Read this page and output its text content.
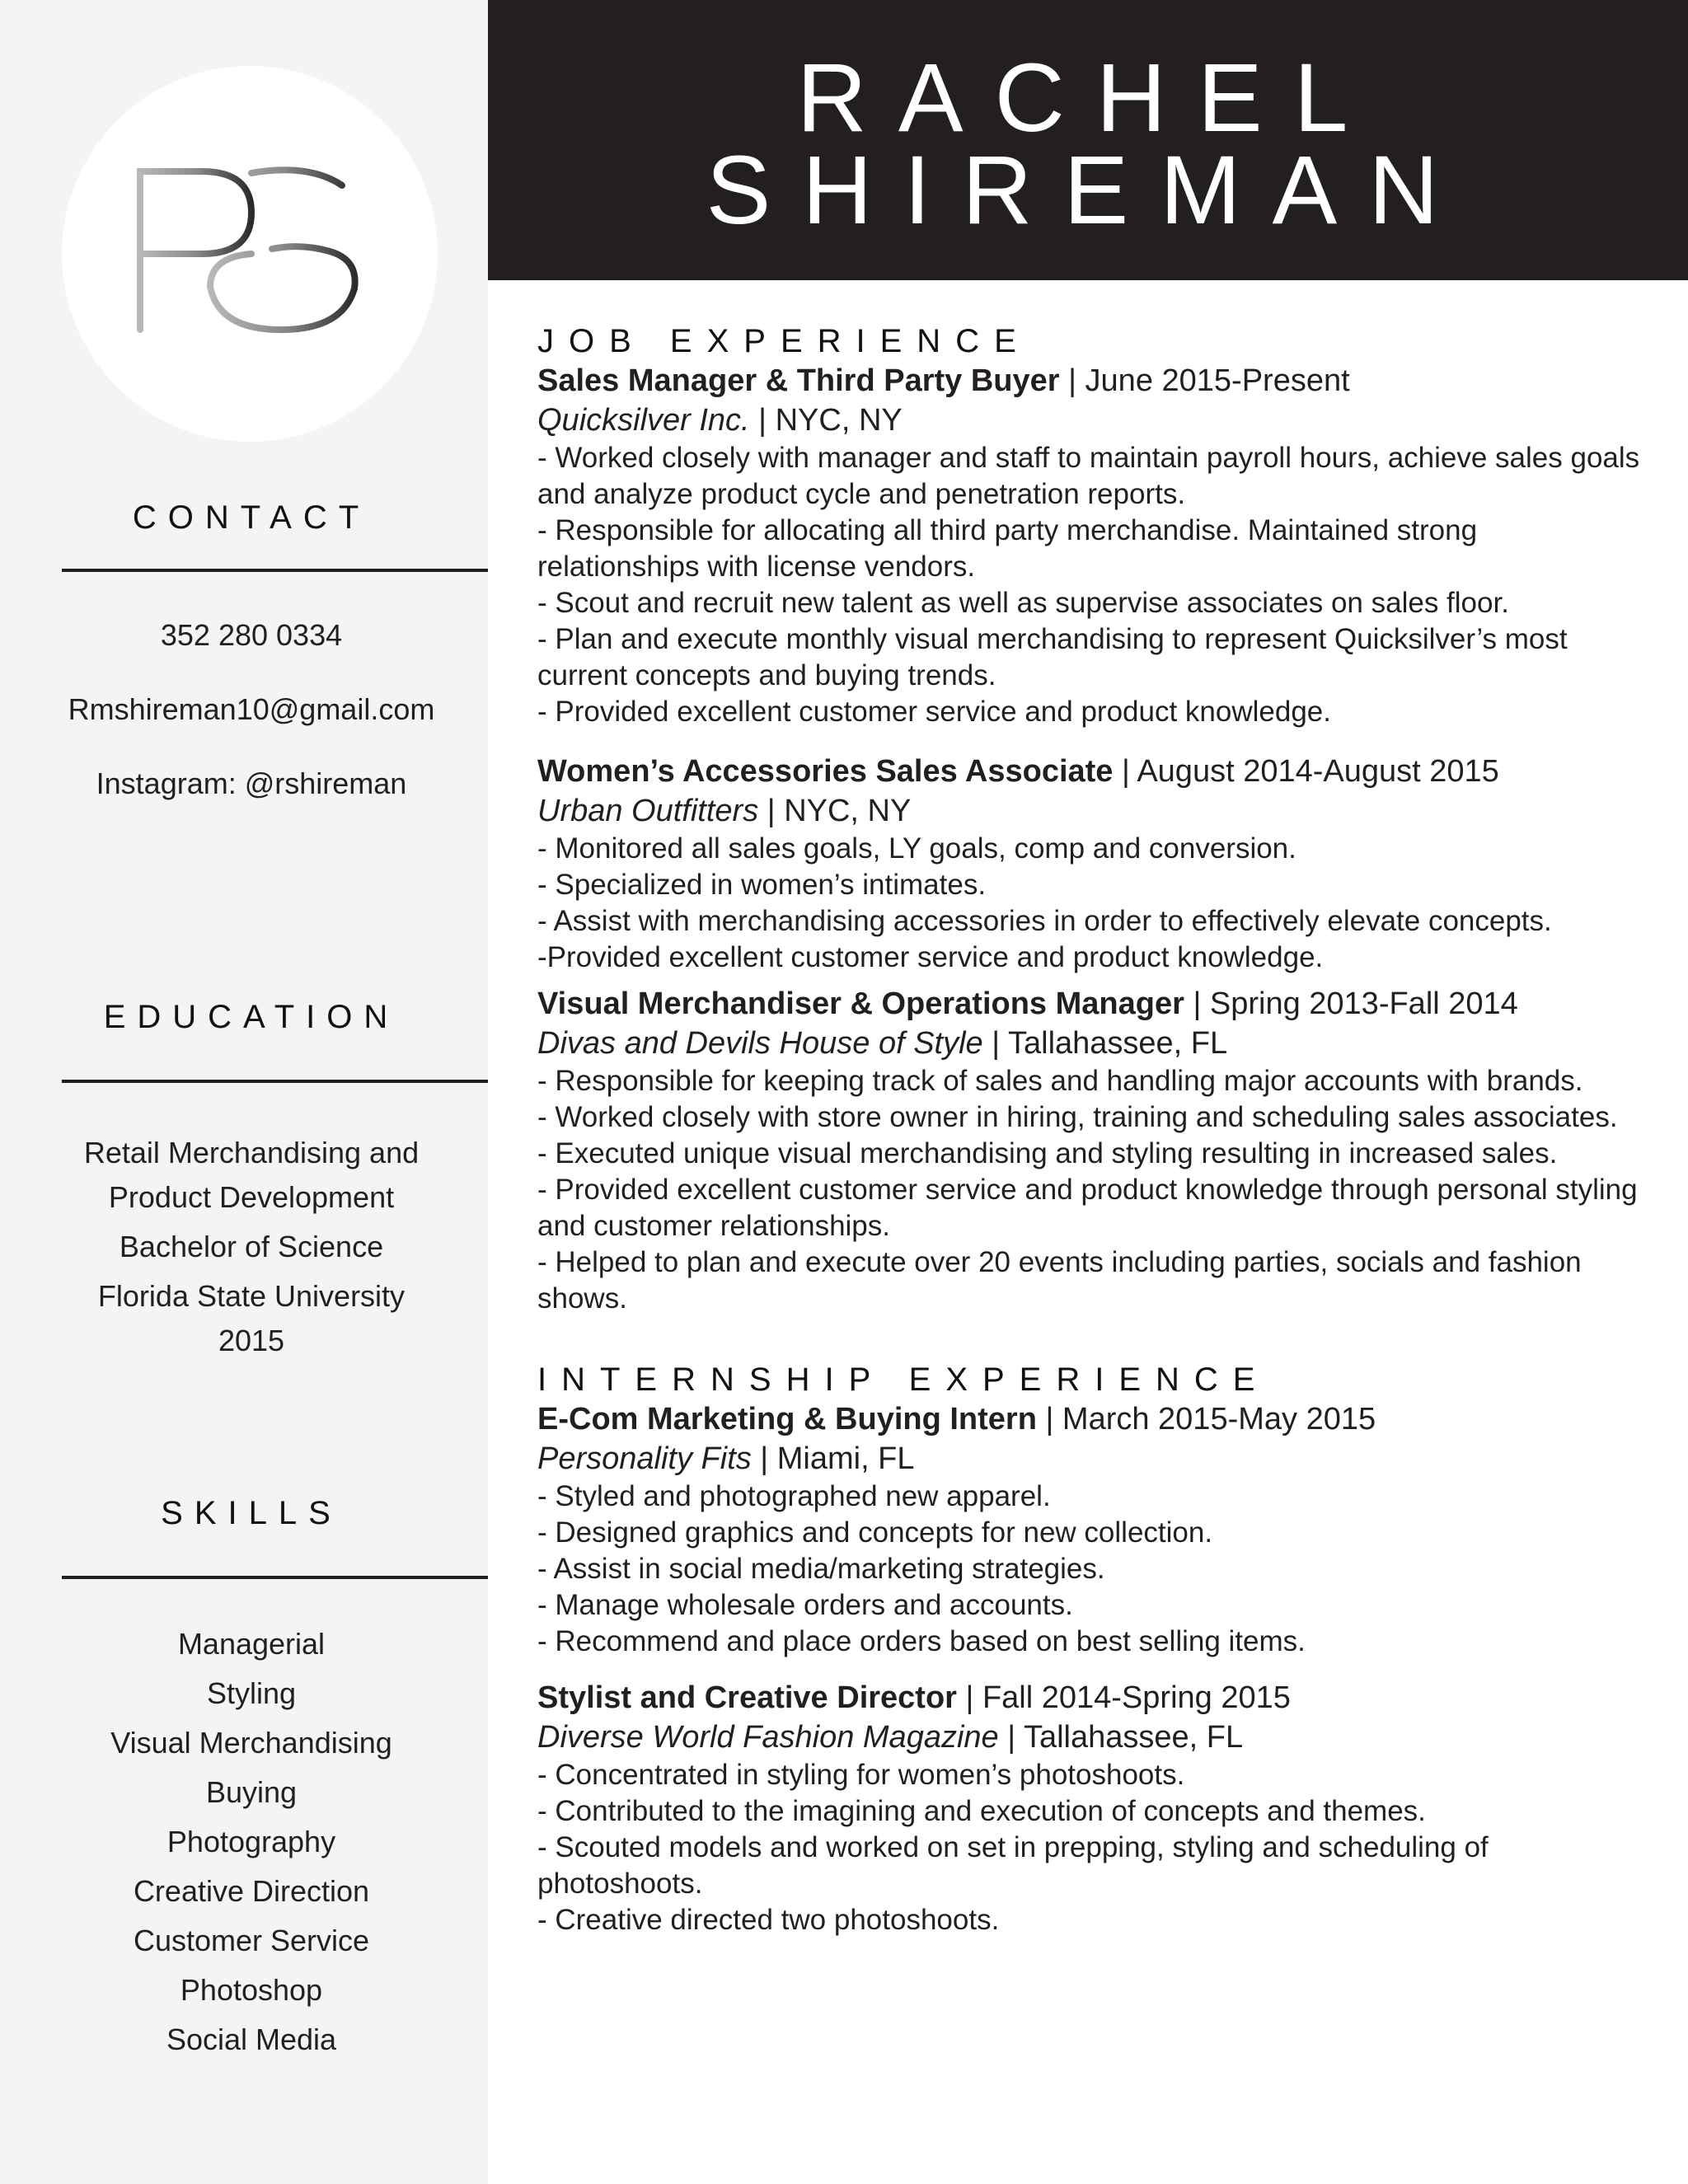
CONTACT
352 280 0334
Rmshireman10@gmail.com
Instagram: @rshireman
EDUCATION
Retail Merchandising and
Product Development
Bachelor of Science
Florida State University
2015
SKILLS
Managerial
Styling
Visual Merchandising
Buying
Photography
Creative Direction
Customer Service
Photoshop
Social Media
RACHEL
SHIREMAN
JOB EXPERIENCE
Sales Manager & Third Party Buyer | June 2015-Present
Quicksilver Inc. | NYC, NY
- Worked closely with manager and staff to maintain payroll hours, achieve sales goals and analyze product cycle and penetration reports.
- Responsible for allocating all third party merchandise. Maintained strong relationships with license vendors.
- Scout and recruit new talent as well as supervise associates on sales floor.
- Plan and execute monthly visual merchandising to represent Quicksilver’s most current concepts and buying trends.
- Provided excellent customer service and product knowledge.
Women’s Accessories Sales Associate | August 2014-August 2015
Urban Outfitters | NYC, NY
- Monitored all sales goals, LY goals, comp and conversion.
- Specialized in women’s intimates.
- Assist with merchandising accessories in order to effectively elevate concepts.
-Provided excellent customer service and product knowledge.
Visual Merchandiser & Operations Manager | Spring 2013-Fall 2014
Divas and Devils House of Style | Tallahassee, FL
- Responsible for keeping track of sales and handling major accounts with brands.
- Worked closely with store owner in hiring, training and scheduling sales associates.
- Executed unique visual merchandising and styling resulting in increased sales.
- Provided excellent customer service and product knowledge through personal styling and customer relationships.
- Helped to plan and execute over 20 events including parties, socials and fashion shows.
INTERNSHIP EXPERIENCE
E-Com Marketing & Buying Intern | March 2015-May 2015
Personality Fits | Miami, FL
- Styled and photographed new apparel.
- Designed graphics and concepts for new collection.
- Assist in social media/marketing strategies.
- Manage wholesale orders and accounts.
- Recommend and place orders based on best selling items.
Stylist and Creative Director | Fall 2014-Spring 2015
Diverse World Fashion Magazine | Tallahassee, FL
- Concentrated in styling for women’s photoshoots.
- Contributed to the imagining and execution of concepts and themes.
- Scouted models and worked on set in prepping, styling and scheduling of photoshoots.
- Creative directed two photoshoots.
